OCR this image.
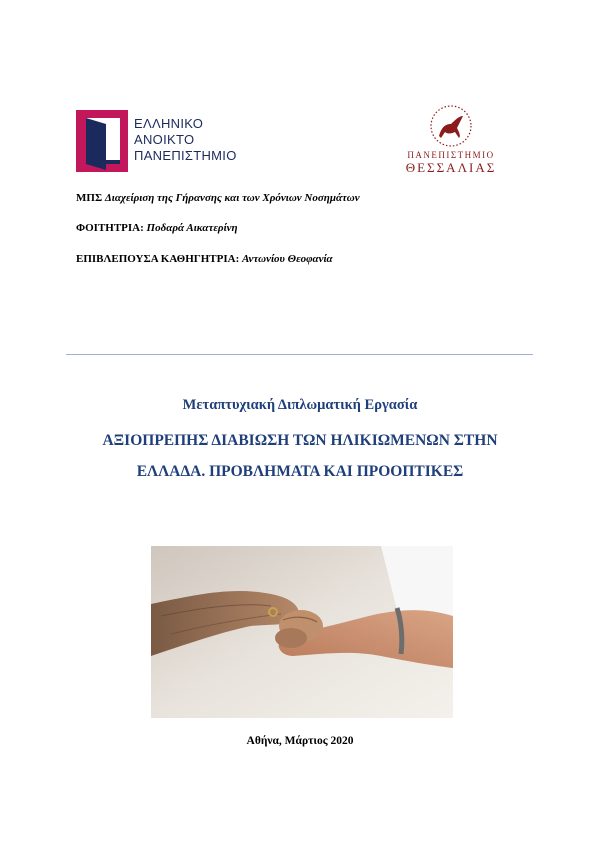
ΕΛΛΗΝΙΚΟ
ΑΝΟΙΚΤΟ
ΠΑΝΕΠΙΣΤΗΜΙΟ	ΠΑΝΕΠΙΣΤΗΜΙΟ
ΘΕΣΣΑΛΙΑΣ
ΜΠΣ Διαχείριση της Γήρανσης και των Χρόνιων Νοσημάτων
ΦΟΙΤΗΤΡΙΑ: Ποδαρά Αικατερίνη
ΕΠΙΒΛΕΠΟΥΣΑ ΚΑΘΗΓΗΤΡΙΑ: Αντωνίου Θεοφανία
Μεταπτυχιακή Διπλωματική Εργασία
ΑΞΙΟΠΡΕΠΗΣ ΔΙΑΒΙΩΣΗ ΤΩΝ ΗΛΙΚΙΩΜΕΝΩΝ ΣΤΗΝ
ΕΛΛΑΔΑ. ΠΡΟΒΛΗΜΑΤΑ ΚΑΙ ΠΡΟΟΠΤΙΚΕΣ
Αθήνα, Μάρτιος 2020
